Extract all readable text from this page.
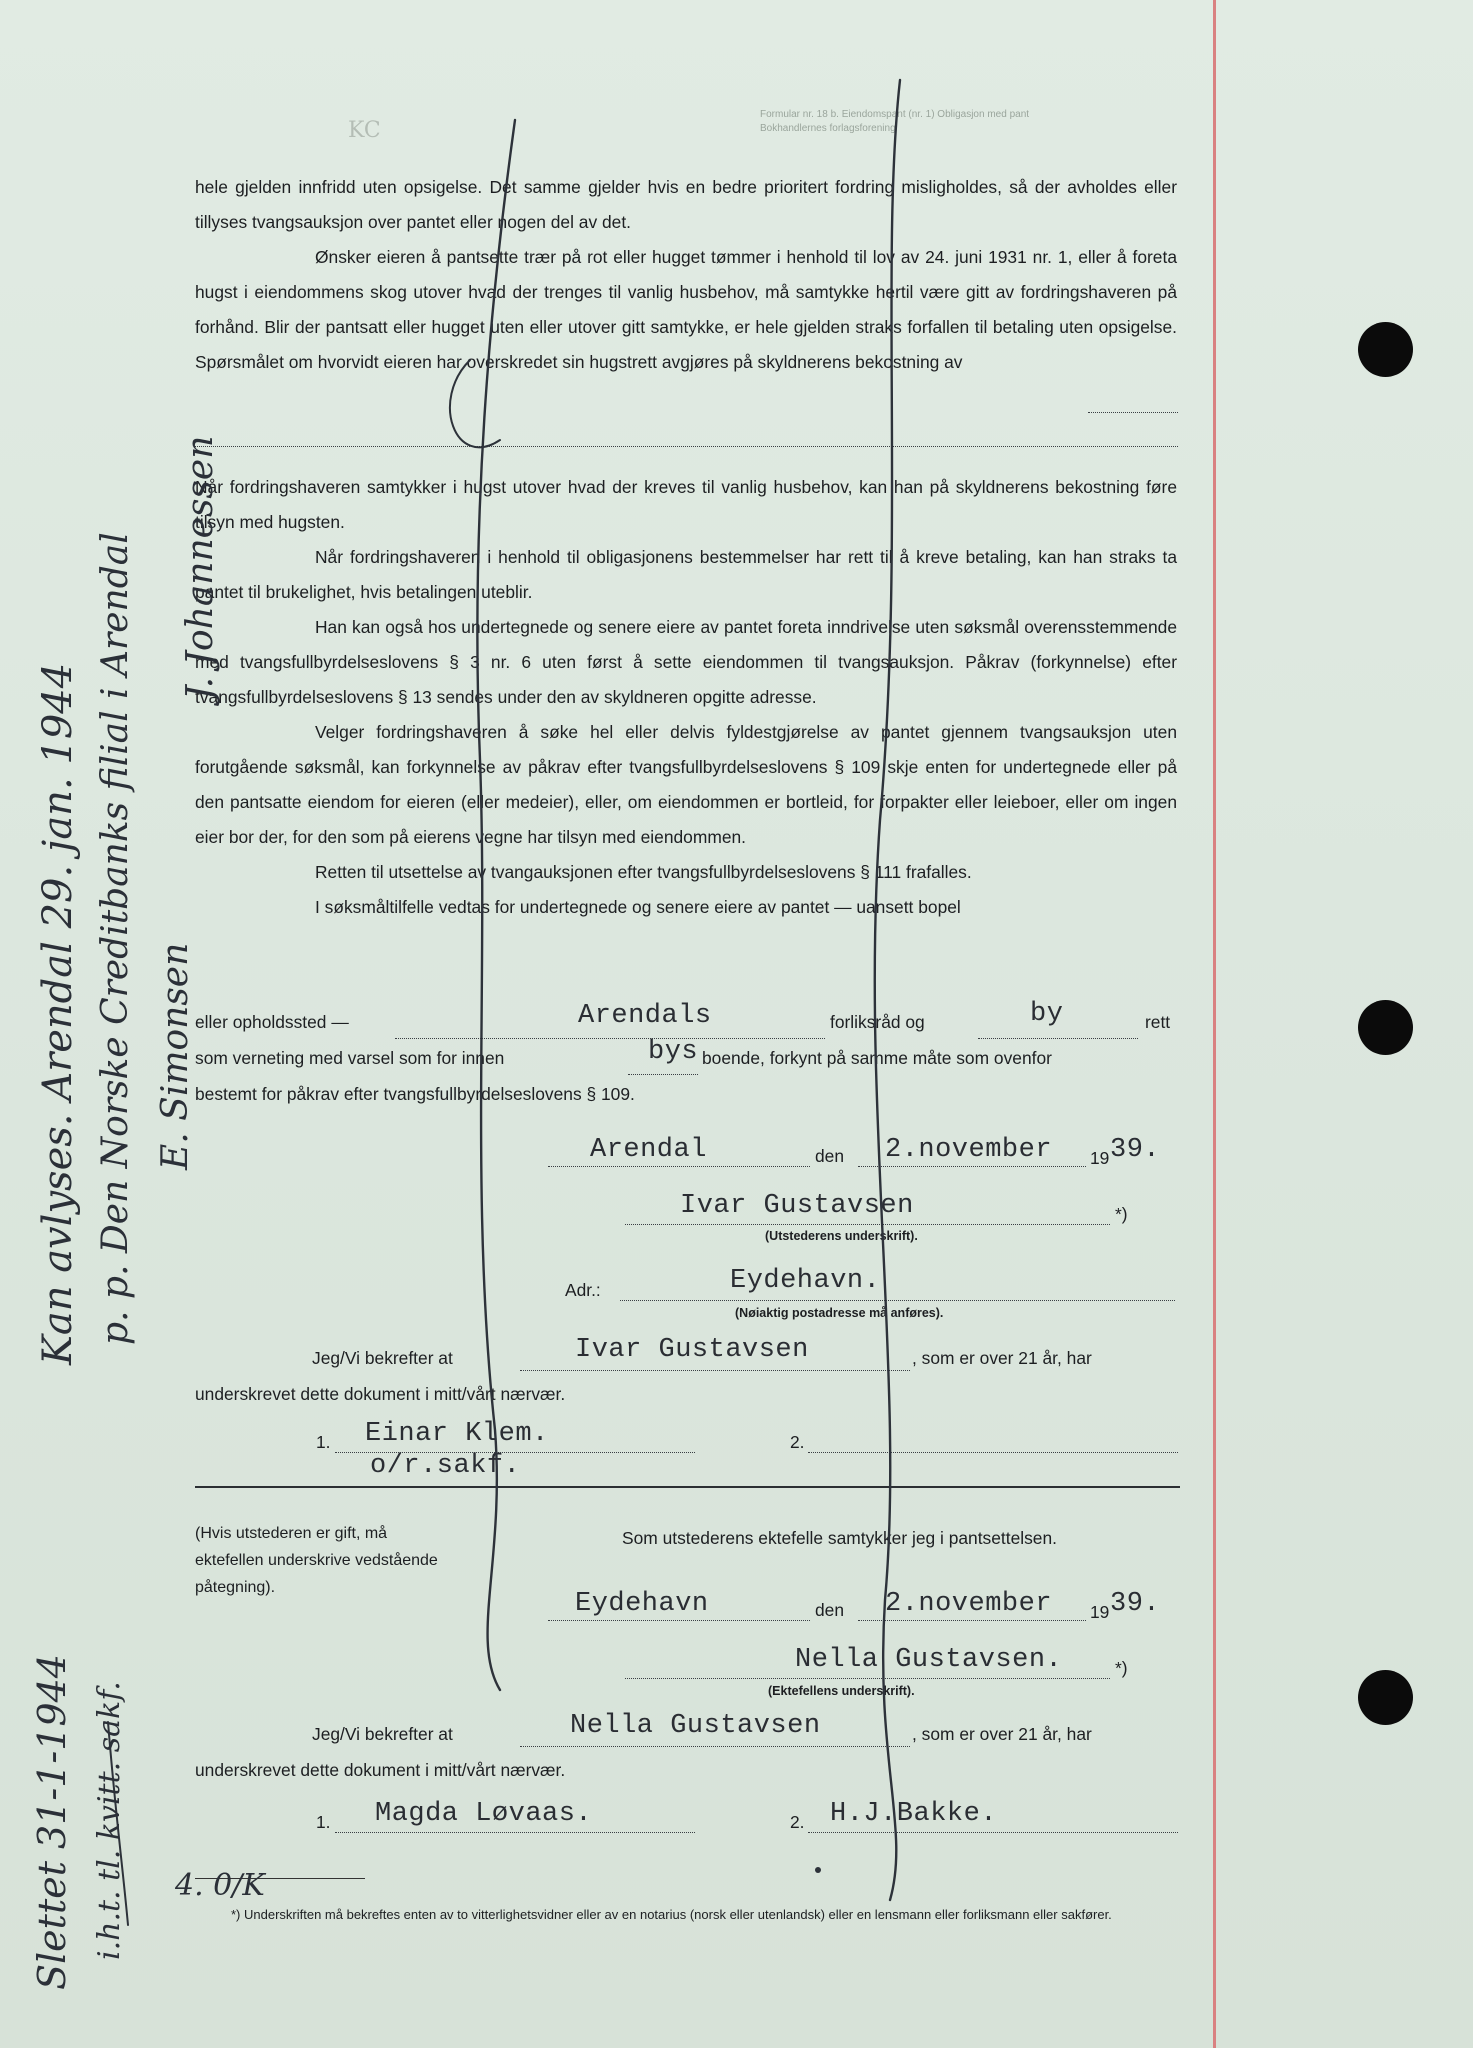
Formular nr. 18 b. Eiendomspant (nr. 1) Obligasjon med pant
Bokhandlernes forlagsforening
KC

hele gjelden innfridd uten opsigelse. Det samme gjelder hvis en bedre prioritert fordring misligholdes, så der avholdes eller tillyses tvangsauksjon over pantet eller nogen del av det.

Ønsker eieren å pantsette trær på rot eller hugget tømmer i henhold til lov av 24. juni 1931 nr. 1, eller å foreta hugst i eiendommens skog utover hvad der trenges til vanlig husbehov, må samtykke hertil være gitt av fordringshaveren på forhånd. Blir der pantsatt eller hugget uten eller utover gitt samtykke, er hele gjelden straks forfallen til betaling uten opsigelse. Spørsmålet om hvorvidt eieren har overskredet sin hugstrett avgjøres på skyldnerens bekostning av

Når fordringshaveren samtykker i hugst utover hvad der kreves til vanlig husbehov, kan han på skyldnerens bekostning føre tilsyn med hugsten.

Når fordringshaveren i henhold til obligasjonens bestemmelser har rett til å kreve betaling, kan han straks ta pantet til brukelighet, hvis betalingen uteblir.

Han kan også hos undertegnede og senere eiere av pantet foreta inndrivelse uten søksmål overensstemmende med tvangsfullbyrdelseslovens § 3 nr. 6 uten først å sette eiendommen til tvangsauksjon. Påkrav (forkynnelse) efter tvangsfullbyrdelseslovens § 13 sendes under den av skyldneren opgitte adresse.

Velger fordringshaveren å søke hel eller delvis fyldestgjørelse av pantet gjennem tvangsauksjon uten forutgående søksmål, kan forkynnelse av påkrav efter tvangsfullbyrdelseslovens § 109 skje enten for undertegnede eller på den pantsatte eiendom for eieren (eller medeier), eller, om eiendommen er bortleid, for forpakter eller leieboer, eller om ingen eier bor der, for den som på eierens vegne har tilsyn med eiendommen.

Retten til utsettelse av tvangauksjonen efter tvangsfullbyrdelseslovens § 111 frafalles.

I søksmåltilfelle vedtas for undertegnede og senere eiere av pantet — uansett bopel

eller opholdssted —	Arendals	forliksråd og	by	rett
som verneting med varsel som for innen	bys boende, forkynt på samme måte som ovenfor
bestemt for påkrav efter tvangsfullbyrdelseslovens § 109.
Arendal	den 2.november 19 39.
Ivar Gustavsen	*)
(Utstederens underskrift).
Adr.:	Eydehavn.
(Nøiaktig postadresse må anføres).
Jeg/Vi bekrefter at	Ivar Gustavsen	, som er over 21 år, har
underskrevet dette dokument i mitt/vårt nærvær.
1. Einar Klem.
o/r.sakf.
2.
(Hvis utstederen er gift, må ektefellen underskrive vedstående påtegning).
Som utstederens ektefelle samtykker jeg i pantsettelsen.
Eydehavn	den 2.november 19 39.
Nella Gustavsen.	*)
(Ektefellens underskrift).
Jeg/Vi bekrefter at	Nella Gustavsen	, som er over 21 år, har
underskrevet dette dokument i mitt/vårt nærvær.
1. Magda Løvaas.	2. H.J.Bakke.
*) Underskriften må bekreftes enten av to vitterlighetsvidner eller av en notarius (norsk eller utenlandsk) eller en lensmann eller forliksmann eller sakfører.
Kan avlyses. Arendal 29. jan. 1944 p. p. Den Norske Creditbanks filial i Arendal E. Simonsen
J. Johannessen
Slettet 31-1-1944 i.h.t. tl. kvitt. sakf. 4. 0/K
